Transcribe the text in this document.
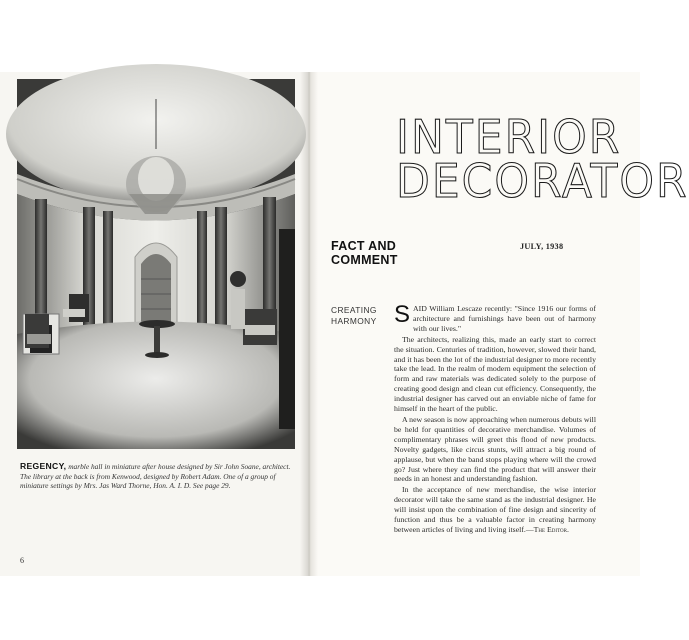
REGENCY, marble hall in miniature after house designed by Sir John Soane, architect. The library at the back is from Kenwood, designed by Robert Adam. One of a group of miniature settings by Mrs. Jas Ward Thorne, Hon. A. I. D. See page 29.
6
INTERIOR
DECORATOR
FACT AND
COMMENT
JULY, 1938
CREATING
HARMONY S AID William Lescaze recently: "Since 1916 our forms of architecture and furnishings have been out of harmony with our lives."

The architects, realizing this, made an early start to correct the situation. Centuries of tradition, however, slowed their hand, and it has been the lot of the industrial designer to more recently take the lead. In the realm of modern equipment the selection of form and raw materials was dedicated solely to the purpose of creating good design and clean cut efficiency. Consequently, the industrial designer has carved out an enviable niche of fame for himself in the heart of the public.

A new season is now approaching when numerous debuts will be held for quantities of decorative merchandise. Volumes of complimentary phrases will greet this flood of new products. Novelty gadgets, like circus stunts, will attract a big round of applause, but when the band stops playing where will the crowd go? Just where they can find the product that will answer their needs in an honest and understanding fashion.

In the acceptance of new merchandise, the wise interior decorator will take the same stand as the industrial designer. He will insist upon the combination of fine design and sincerity of function and thus be a valuable factor in creating harmony between articles of living and living itself.—The Editor.
